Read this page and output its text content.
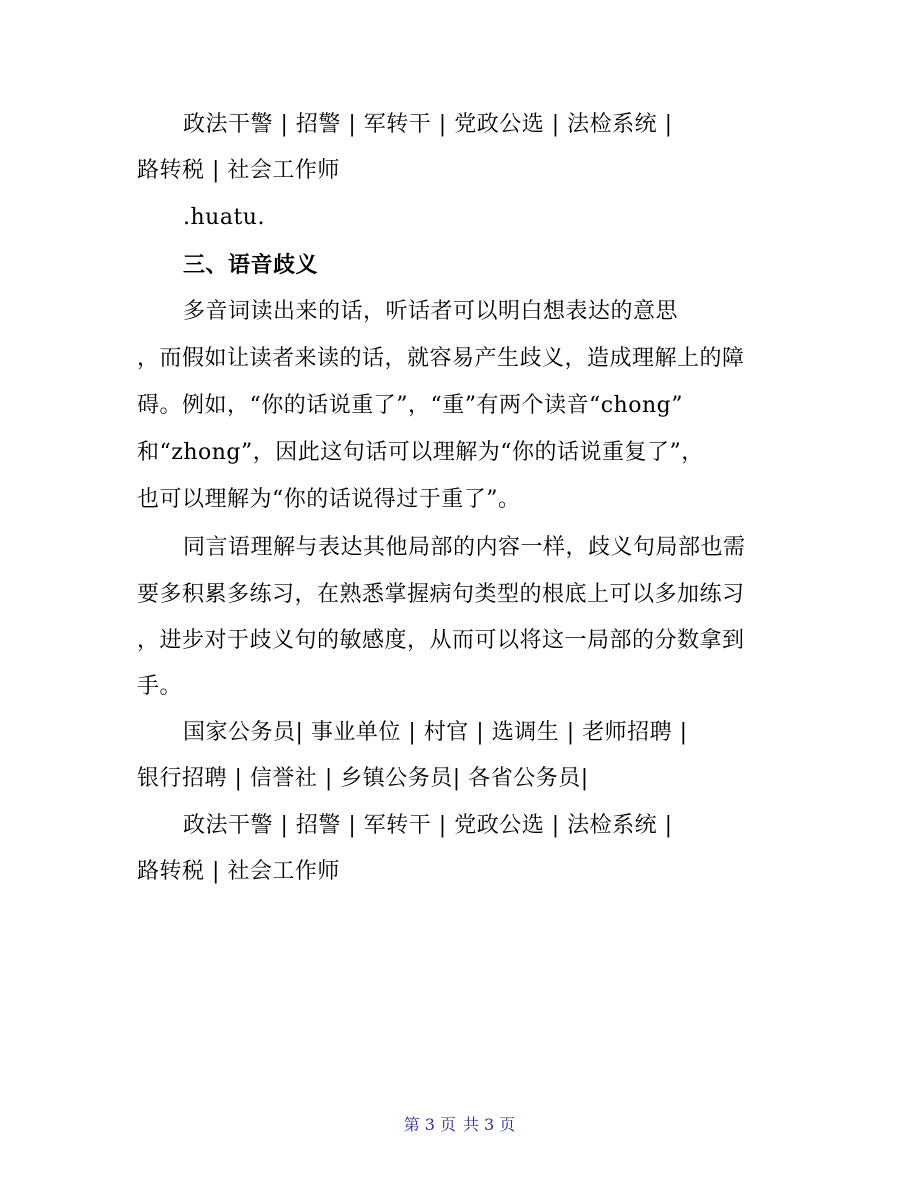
政法干警 | 招警 | 军转干 | 党政公选 | 法检系统 |
路转税 | 社会工作师
.huatu.
三、语音歧义
多音词读出来的话，听话者可以明白想表达的意思
，而假如让读者来读的话，就容易产生歧义，造成理解上的障
碍。例如，“你的话说重了”，“重”有两个读音“chong”
和“zhong”，因此这句话可以理解为“你的话说重复了”，
也可以理解为“你的话说得过于重了”。
同言语理解与表达其他局部的内容一样，歧义句局部也需
要多积累多练习，在熟悉掌握病句类型的根底上可以多加练习
，进步对于歧义句的敏感度，从而可以将这一局部的分数拿到
手。
国家公务员| 事业单位 | 村官 | 选调生 | 老师招聘 |
银行招聘 | 信誉社 | 乡镇公务员| 各省公务员|
政法干警 | 招警 | 军转干 | 党政公选 | 法检系统 |
路转税 | 社会工作师
第 3 页 共 3 页
